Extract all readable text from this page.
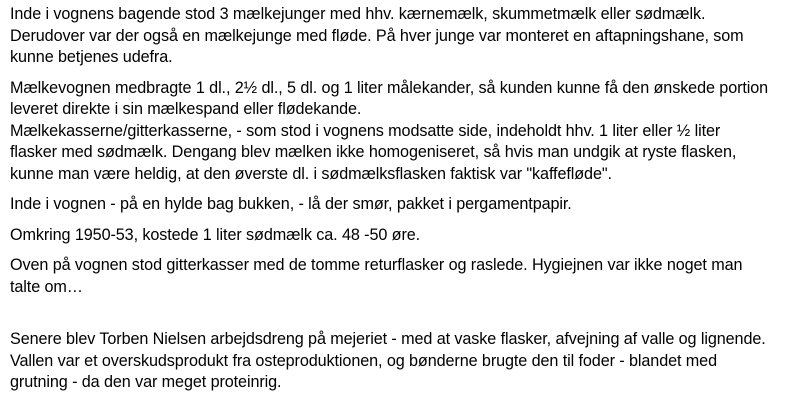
Inde i vognens bagende stod 3 mælkejunger med hhv. kærnemælk, skummetmælk eller sødmælk.
Derudover var der også en mælkejunge med fløde. På hver junge var monteret en aftapningshane, som
kunne betjenes udefra.

Mælkevognen medbragte 1 dl., 2½ dl., 5 dl. og 1 liter målekander, så kunden kunne få den ønskede portion
leveret direkte i sin mælkespand eller flødekande.
Mælkekasserne/gitterkasserne, - som stod i vognens modsatte side, indeholdt hhv. 1 liter eller ½ liter
flasker med sødmælk. Dengang blev mælken ikke homogeniseret, så hvis man undgik at ryste flasken,
kunne man være heldig, at den øverste dl. i sødmælksflasken faktisk var "kaffefløde".

Inde i vognen - på en hylde bag bukken, - lå der smør, pakket i pergamentpapir.

Omkring 1950-53, kostede 1 liter sødmælk ca. 48 -50 øre.

Oven på vognen stod gitterkasser med de tomme returflasker og raslede. Hygiejnen var ikke noget man
talte om…

Senere blev Torben Nielsen arbejdsdreng på mejeriet - med at vaske flasker, afvejning af valle og lignende.
Vallen var et overskudsprodukt fra osteproduktionen, og bønderne brugte den til foder - blandet med
grutning - da den var meget proteinrig.
